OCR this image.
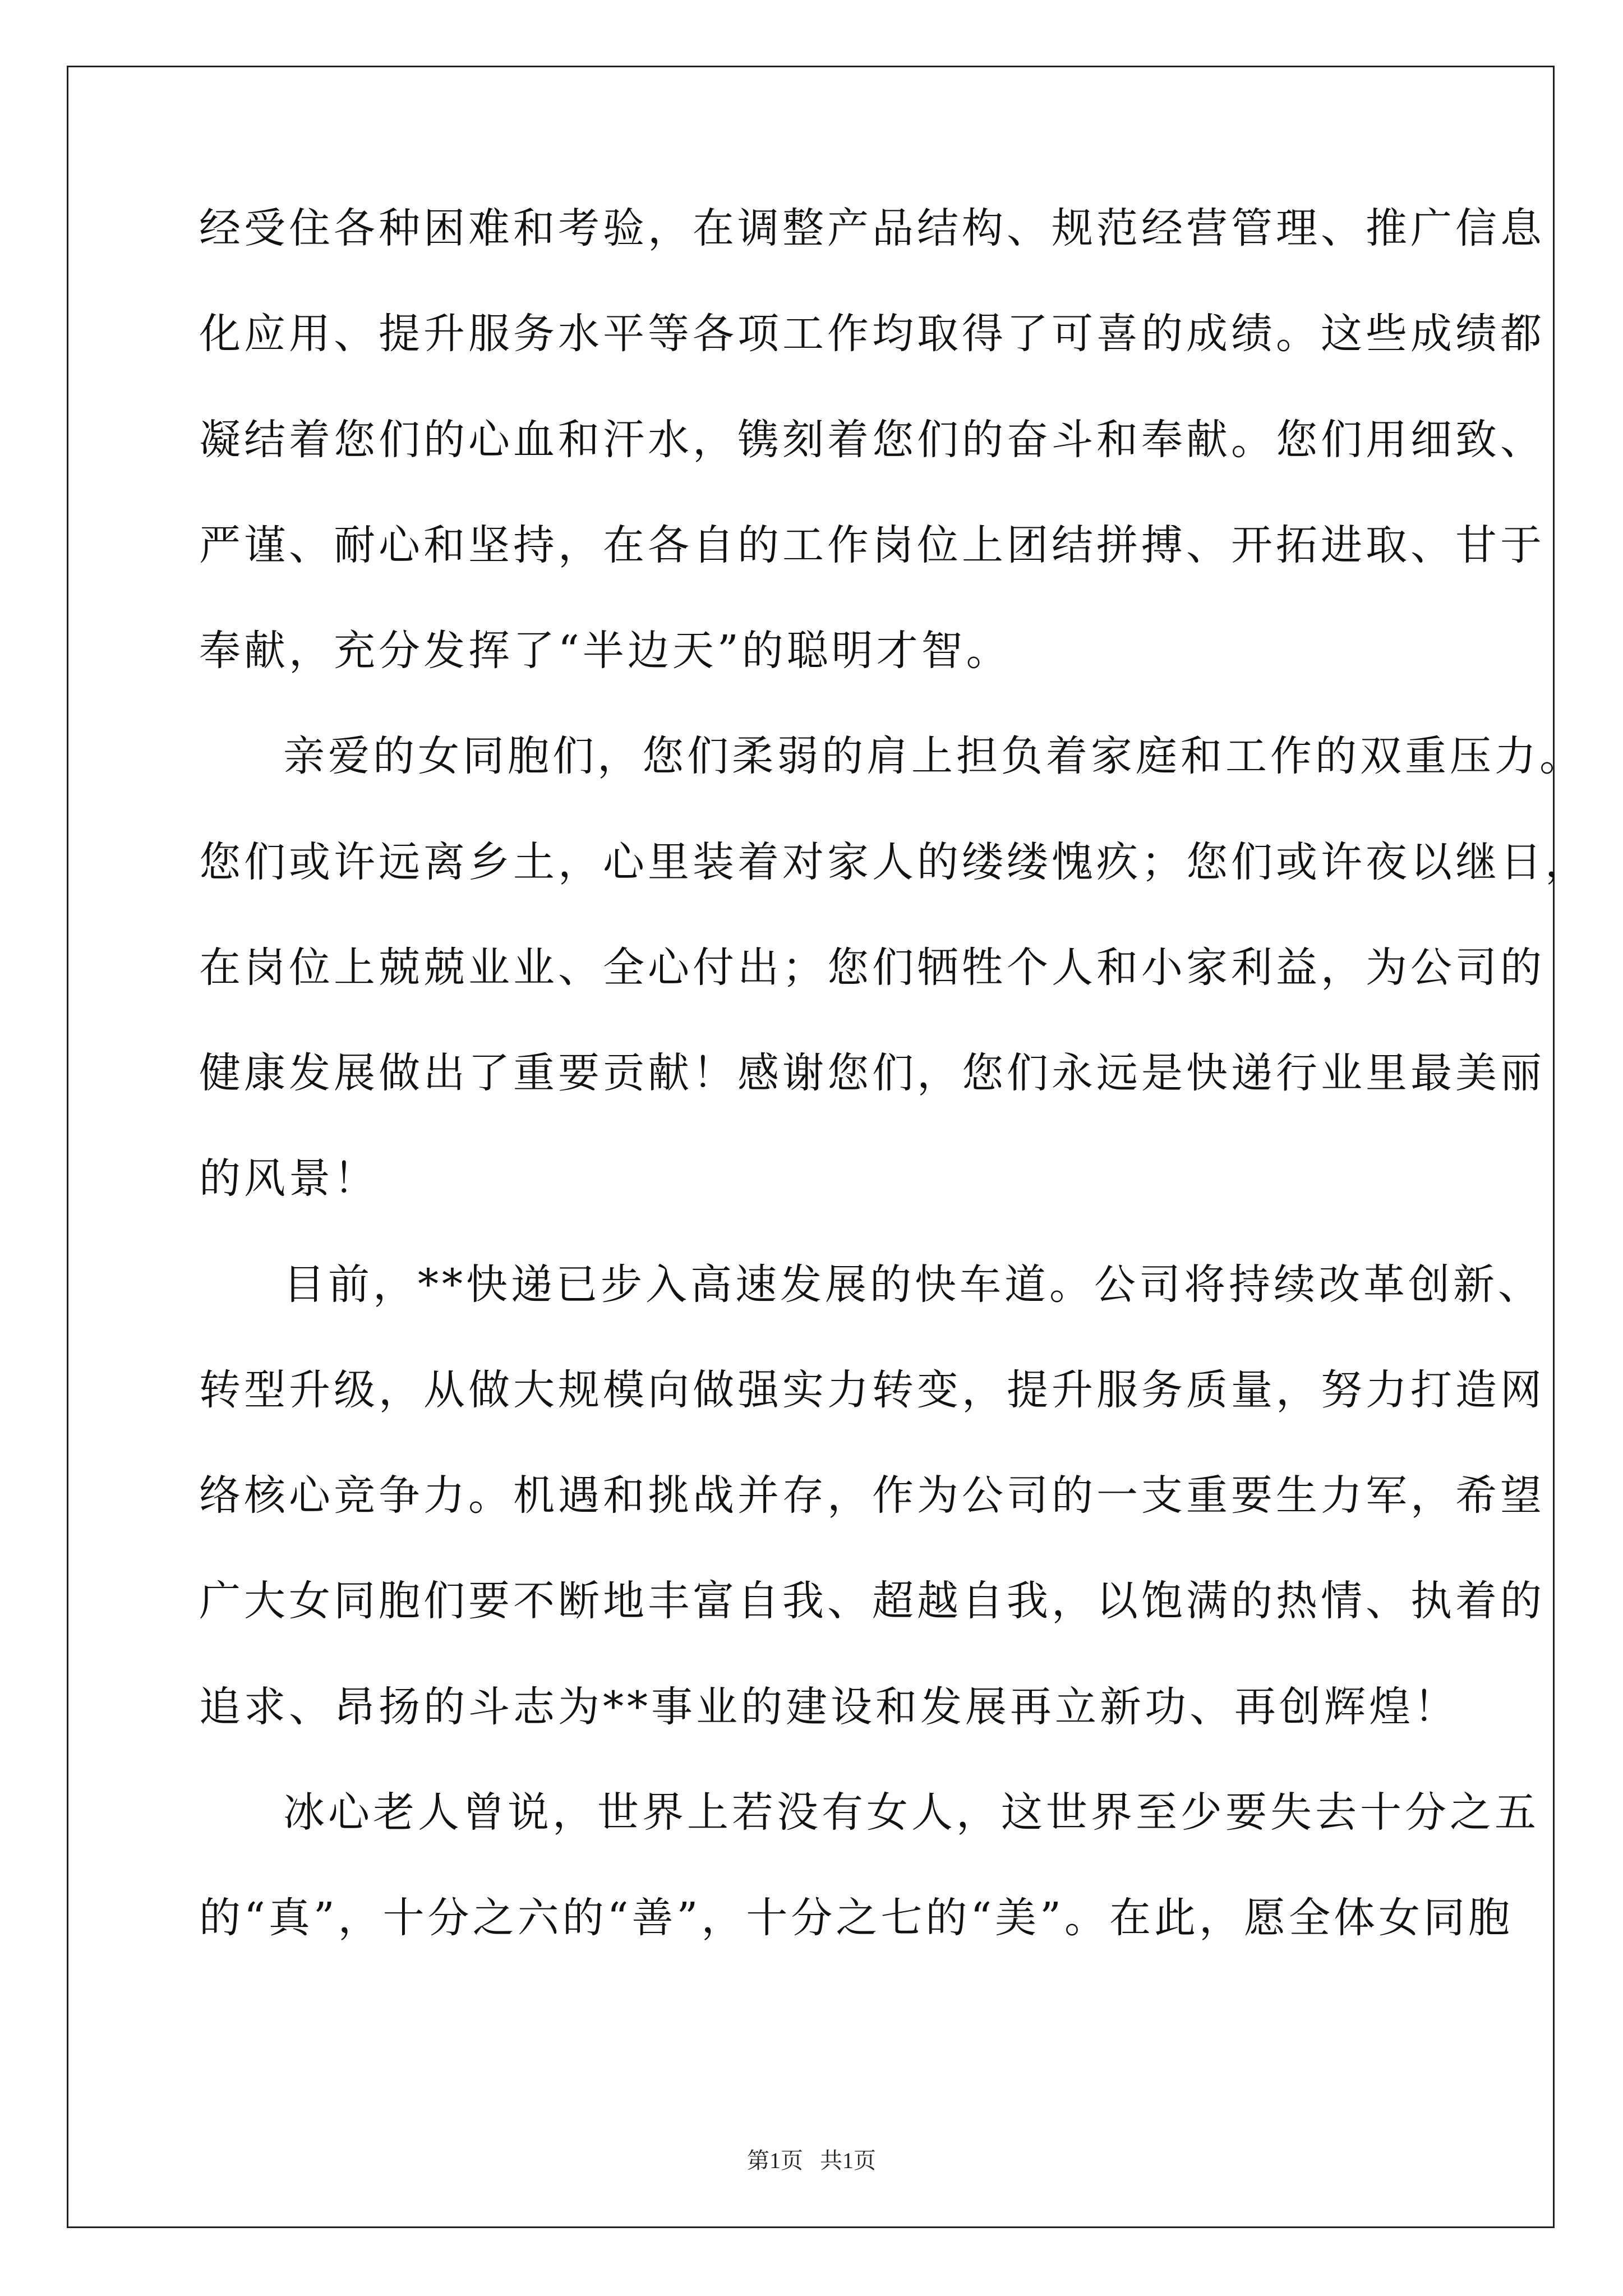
经受住各种困难和考验，在调整产品结构、规范经营管理、推广信息
化应用、提升服务水平等各项工作均取得了可喜的成绩。这些成绩都
凝结着您们的心血和汗水，镌刻着您们的奋斗和奉献。您们用细致、
严谨、耐心和坚持，在各自的工作岗位上团结拼搏、开拓进取、甘于
奉献，充分发挥了“半边天”的聪明才智。
亲爱的女同胞们，您们柔弱的肩上担负着家庭和工作的双重压力。
您们或许远离乡土，心里装着对家人的缕缕愧疚；您们或许夜以继日，
在岗位上兢兢业业、全心付出；您们牺牲个人和小家利益，为公司的
健康发展做出了重要贡献！感谢您们，您们永远是快递行业里最美丽
的风景！
目前，**快递已步入高速发展的快车道。公司将持续改革创新、
转型升级，从做大规模向做强实力转变，提升服务质量，努力打造网
络核心竞争力。机遇和挑战并存，作为公司的一支重要生力军，希望
广大女同胞们要不断地丰富自我、超越自我，以饱满的热情、执着的
追求、昂扬的斗志为**事业的建设和发展再立新功、再创辉煌！
冰心老人曾说，世界上若没有女人，这世界至少要失去十分之五
的“真”，十分之六的“善”，十分之七的“美”。在此，愿全体女同胞
第1页   共1页
